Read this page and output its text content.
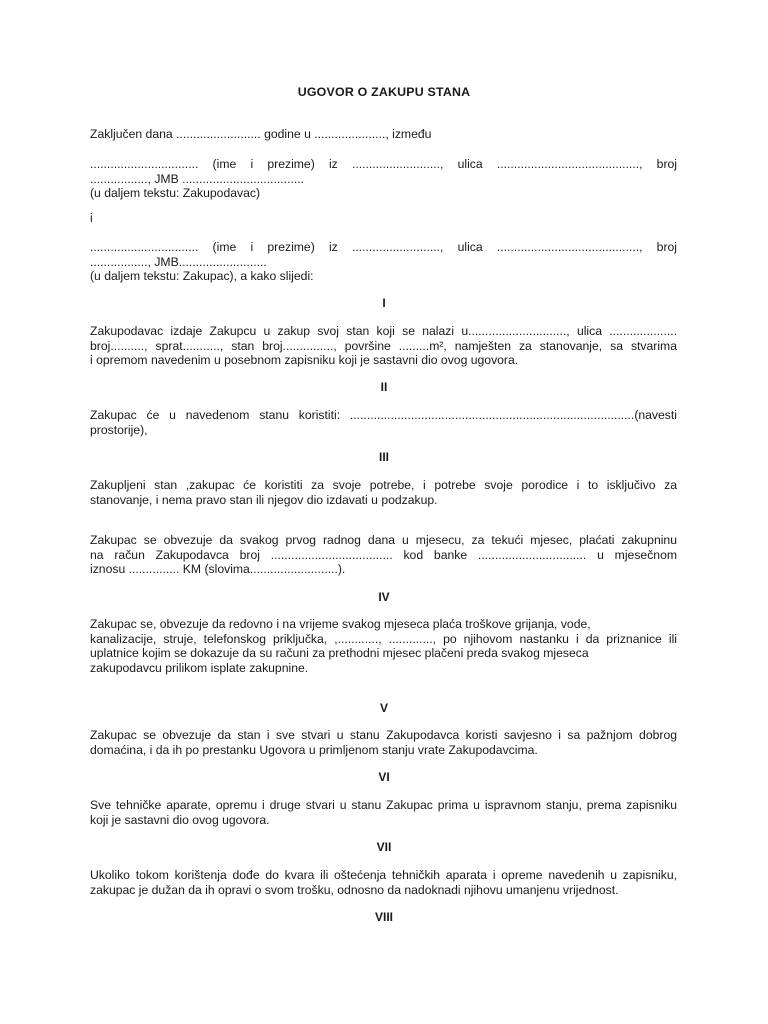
UGOVOR O ZAKUPU STANA

Zaključen dana ......................... godine u ....................., između

................................ (ime i prezime) iz .........................., ulica .........................................., broj
................., JMB ....................................
(u daljem tekstu: Zakupodavac)

i

................................ (ime i prezime) iz .........................., ulica .........................................., broj
................., JMB..........................
(u daljem tekstu: Zakupac), a kako slijedi:

I

Zakupodavac izdaje Zakupcu u zakup svoj stan koji se nalazi u............................., ulica ....................
broj.........., sprat..........., stan broj..............., površine .........m², namješten za stanovanje, sa stvarima
i opremom navedenim u posebnom zapisniku koji je sastavni dio ovog ugovora.

II

Zakupac će u navedenom stanu koristiti: ....................................................................................(navesti
prostorije),

III

Zakupljeni stan ,zakupac će koristiti za svoje potrebe, i potrebe svoje porodice i to isključivo za
stanovanje, i nema pravo stan ili njegov dio izdavati u podzakup.

Zakupac se obvezuje da svakog prvog radnog dana u mjesecu, za tekući mjesec, plaćati zakupninu
na račun Zakupodavca broj .................................... kod banke ................................ u mjesečnom
iznosu ............... KM (slovima..........................).

IV

Zakupac se, obvezuje da redovno i na vrijeme svakog mjeseca plaća troškove grijanja, vode,
kanalizacije, struje, telefonskog priključka, ,............, ............., po njihovom nastanku i da priznanice ili
uplatnice kojim se dokazuje da su računi za prethodni mjesec plačeni preda svakog mjeseca
zakupodavcu prilikom isplate zakupnine.

V

Zakupac se obvezuje da stan i sve stvari u stanu Zakupodavca koristi savjesno i sa pažnjom dobrog
domaćina, i da ih po prestanku Ugovora u primljenom stanju vrate Zakupodavcima.

VI

Sve tehničke aparate, opremu i druge stvari u stanu Zakupac prima u ispravnom stanju, prema zapisniku
koji je sastavni dio ovog ugovora.

VII

Ukoliko tokom korištenja dođe do kvara ili oštećenja tehničkih aparata i opreme navedenih u zapisniku,
zakupac je dužan da ih opravi o svom trošku, odnosno da nadoknadi njihovu umanjenu vrijednost.

VIII
